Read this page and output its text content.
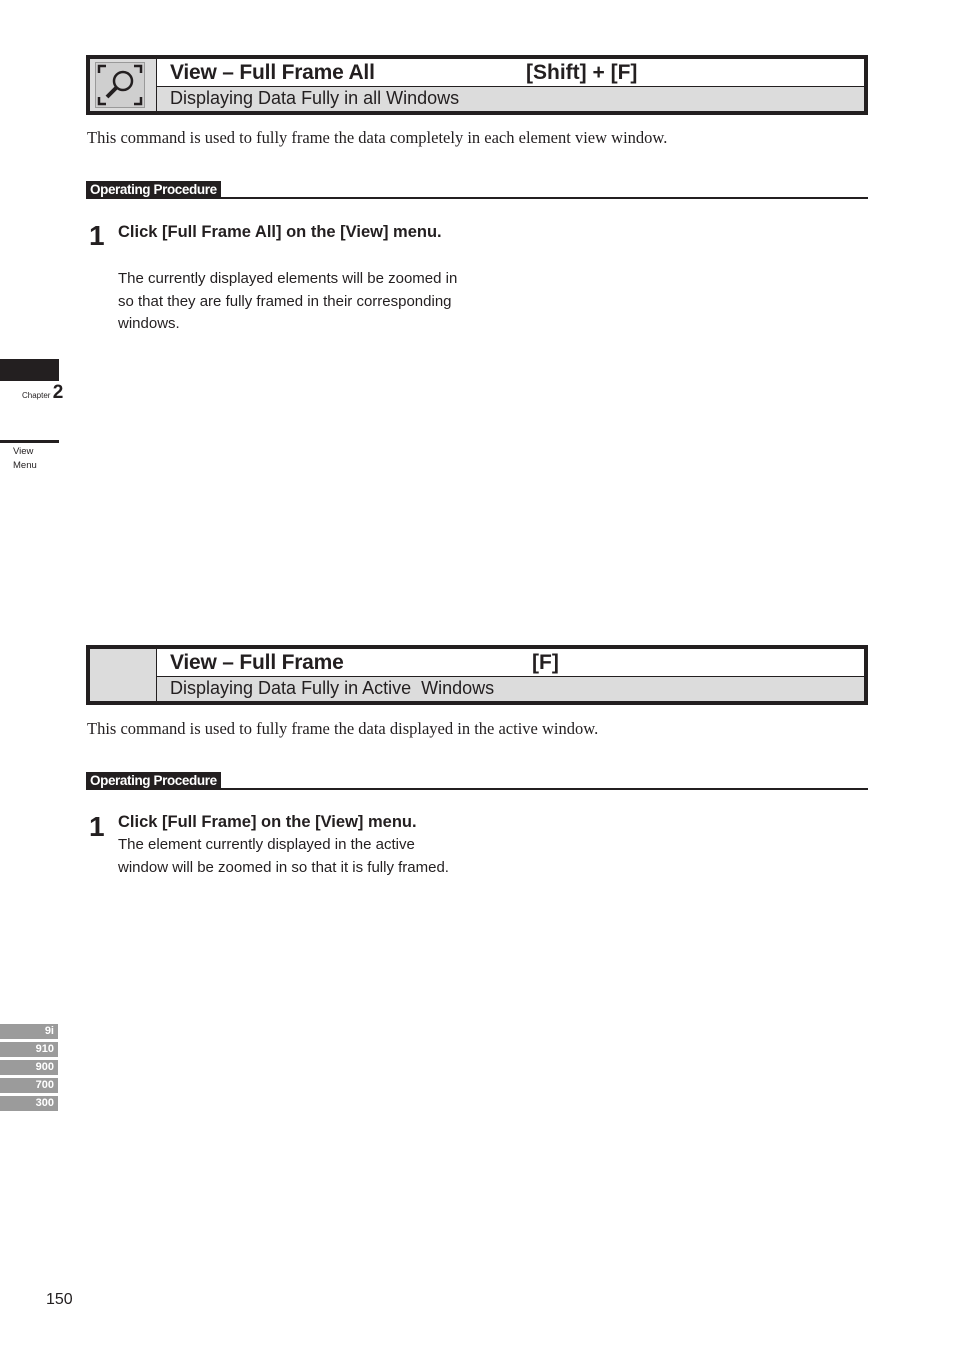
View – Full Frame All	[Shift] + [F]
Displaying Data Fully in all Windows
This command is used to fully frame the data completely in each element view window.
Operating Procedure
1 Click [Full Frame All] on the [View] menu.
The currently displayed elements will be zoomed in so that they are fully framed in their corresponding windows.
View – Full Frame	[F]
Displaying Data Fully in Active  Windows
This command is used to fully frame the data displayed in the active window.
Operating Procedure
1 Click [Full Frame] on the [View] menu.
The element currently displayed in the active window will be zoomed in so that it is fully framed.
Chapter 2
View
Menu
9i
910
900
700
300
150
